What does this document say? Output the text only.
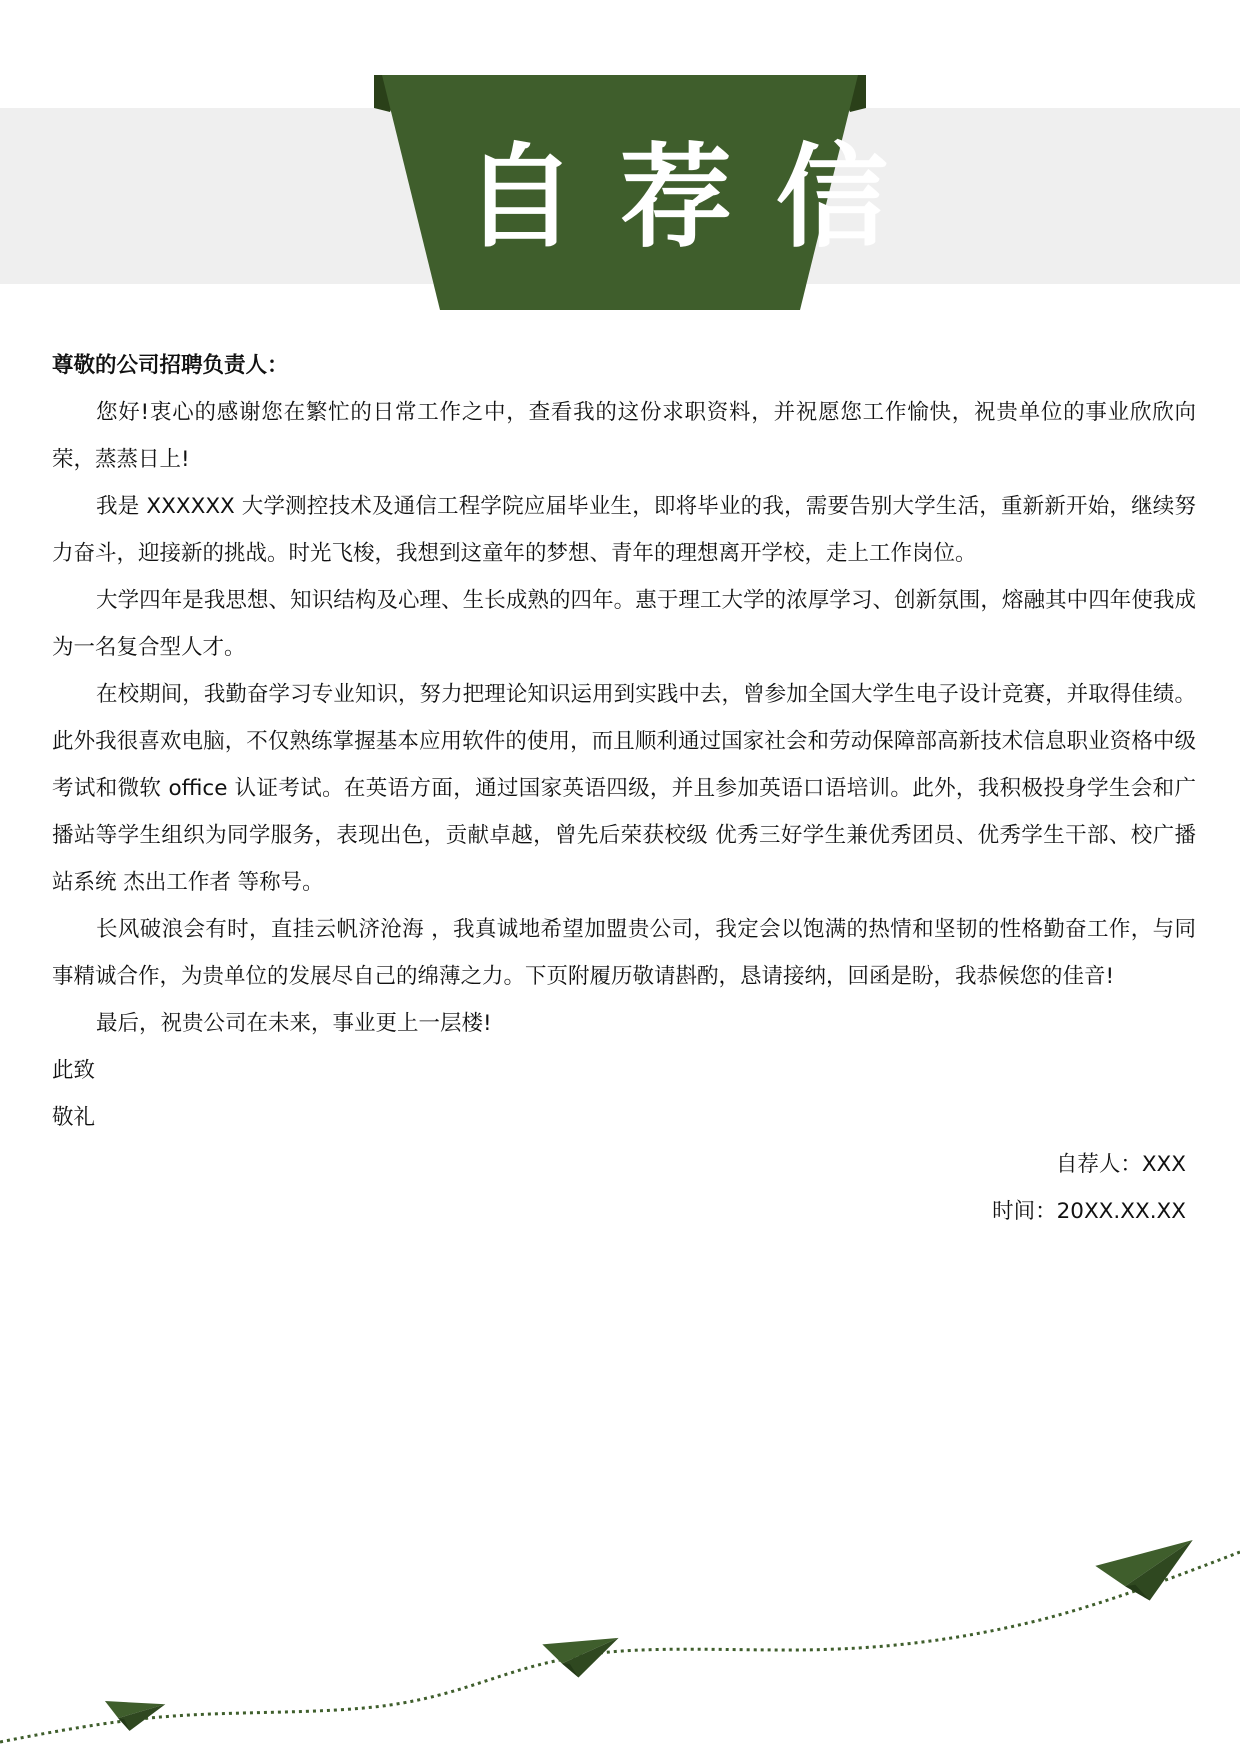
自荐信

尊敬的公司招聘负责人：

您好!衷心的感谢您在繁忙的日常工作之中，查看我的这份求职资料，并祝愿您工作愉快，祝贵单位的事业欣欣向荣，蒸蒸日上!

我是 XXXXXX 大学测控技术及通信工程学院应届毕业生，即将毕业的我，需要告别大学生活，重新新开始，继续努力奋斗，迎接新的挑战。时光飞梭，我想到这童年的梦想、青年的理想离开学校，走上工作岗位。

大学四年是我思想、知识结构及心理、生长成熟的四年。惠于理工大学的浓厚学习、创新氛围，熔融其中四年使我成为一名复合型人才。

在校期间，我勤奋学习专业知识，努力把理论知识运用到实践中去，曾参加全国大学生电子设计竞赛，并取得佳绩。此外我很喜欢电脑，不仅熟练掌握基本应用软件的使用，而且顺利通过国家社会和劳动保障部高新技术信息职业资格中级考试和微软 office 认证考试。在英语方面，通过国家英语四级，并且参加英语口语培训。此外，我积极投身学生会和广播站等学生组织为同学服务，表现出色，贡献卓越，曾先后荣获校级 优秀三好学生兼优秀团员、优秀学生干部、校广播站系统 杰出工作者 等称号。

长风破浪会有时，直挂云帆济沧海 ，我真诚地希望加盟贵公司，我定会以饱满的热情和坚韧的性格勤奋工作，与同事精诚合作，为贵单位的发展尽自己的绵薄之力。下页附履历敬请斟酌，恳请接纳，回函是盼，我恭候您的佳音!

最后，祝贵公司在未来，事业更上一层楼!

此致

敬礼

自荐人：XXX

时间：20XX.XX.XX
